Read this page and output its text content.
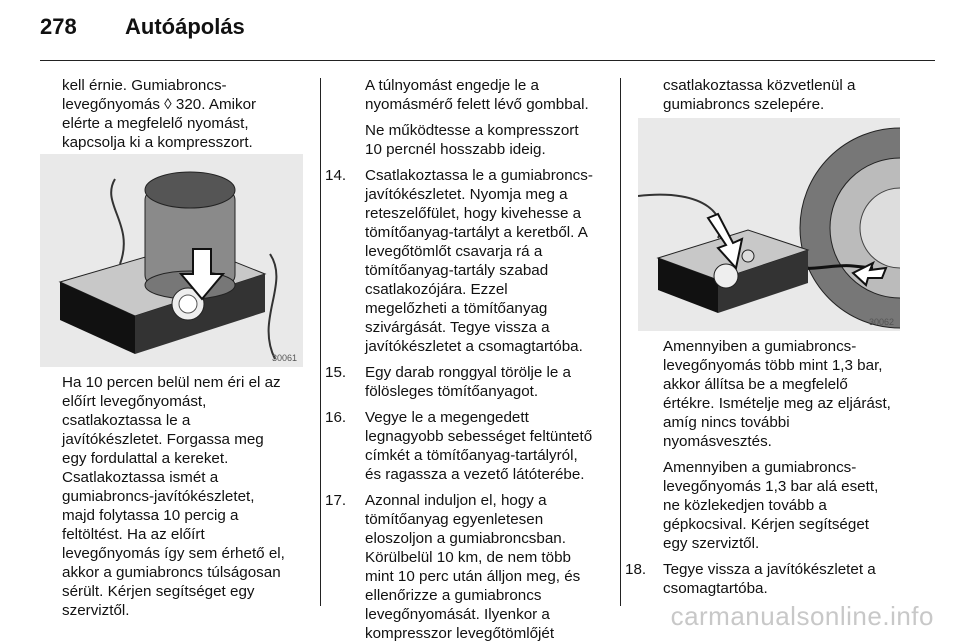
278 Autóápolás

kell érnie. Gumiabroncs-
levegőnyomás ◊ 320. Amikor
elérte a megfelelő nyomást,
kapcsolja ki a kompresszort.

30061

Ha 10 percen belül nem éri el az
előírt levegőnyomást,
csatlakoztassa le a
javítókészletet. Forgassa meg
egy fordulattal a kereket.
Csatlakoztassa ismét a
gumiabroncs-javítókészletet,
majd folytassa 10 percig a
feltöltést. Ha az előírt
levegőnyomás így sem érhető el,
akkor a gumiabroncs túlságosan
sérült. Kérjen segítséget egy
szerviztől.

A túlnyomást engedje le a
nyomásmérő felett lévő gombbal.

Ne működtesse a kompresszort
10 percnél hosszabb ideig.

14. Csatlakoztassa le a gumiabroncs-
javítókészletet. Nyomja meg a
reteszelőfület, hogy kivehesse a
tömítőanyag-tartályt a keretből. A
levegőtömlőt csavarja rá a
tömítőanyag-tartály szabad
csatlakozójára. Ezzel
megelőzheti a tömítőanyag
szivárgását. Tegye vissza a
javítókészletet a csomagtartóba.
15. Egy darab ronggyal törölje le a
fölösleges tömítőanyagot.
16. Vegye le a megengedett
legnagyobb sebességet feltüntető
címkét a tömítőanyag-tartályról,
és ragassza a vezető látóterébe.
17. Azonnal induljon el, hogy a
tömítőanyag egyenletesen
eloszoljon a gumiabroncsban.
Körülbelül 10 km, de nem több
mint 10 perc után álljon meg, és
ellenőrizze a gumiabroncs
levegőnyomását. Ilyenkor a
kompresszor levegőtömlőjét

csatlakoztassa közvetlenül a
gumiabroncs szelepére.

30062

Amennyiben a gumiabroncs-
levegőnyomás több mint 1,3 bar,
akkor állítsa be a megfelelő
értékre. Ismételje meg az eljárást,
amíg nincs további
nyomásvesztés.

Amennyiben a gumiabroncs-
levegőnyomás 1,3 bar alá esett,
ne közlekedjen tovább a
gépkocsival. Kérjen segítséget
egy szerviztől.

18. Tegye vissza a javítókészletet a
csomagtartóba.
carmanualsonline.info
